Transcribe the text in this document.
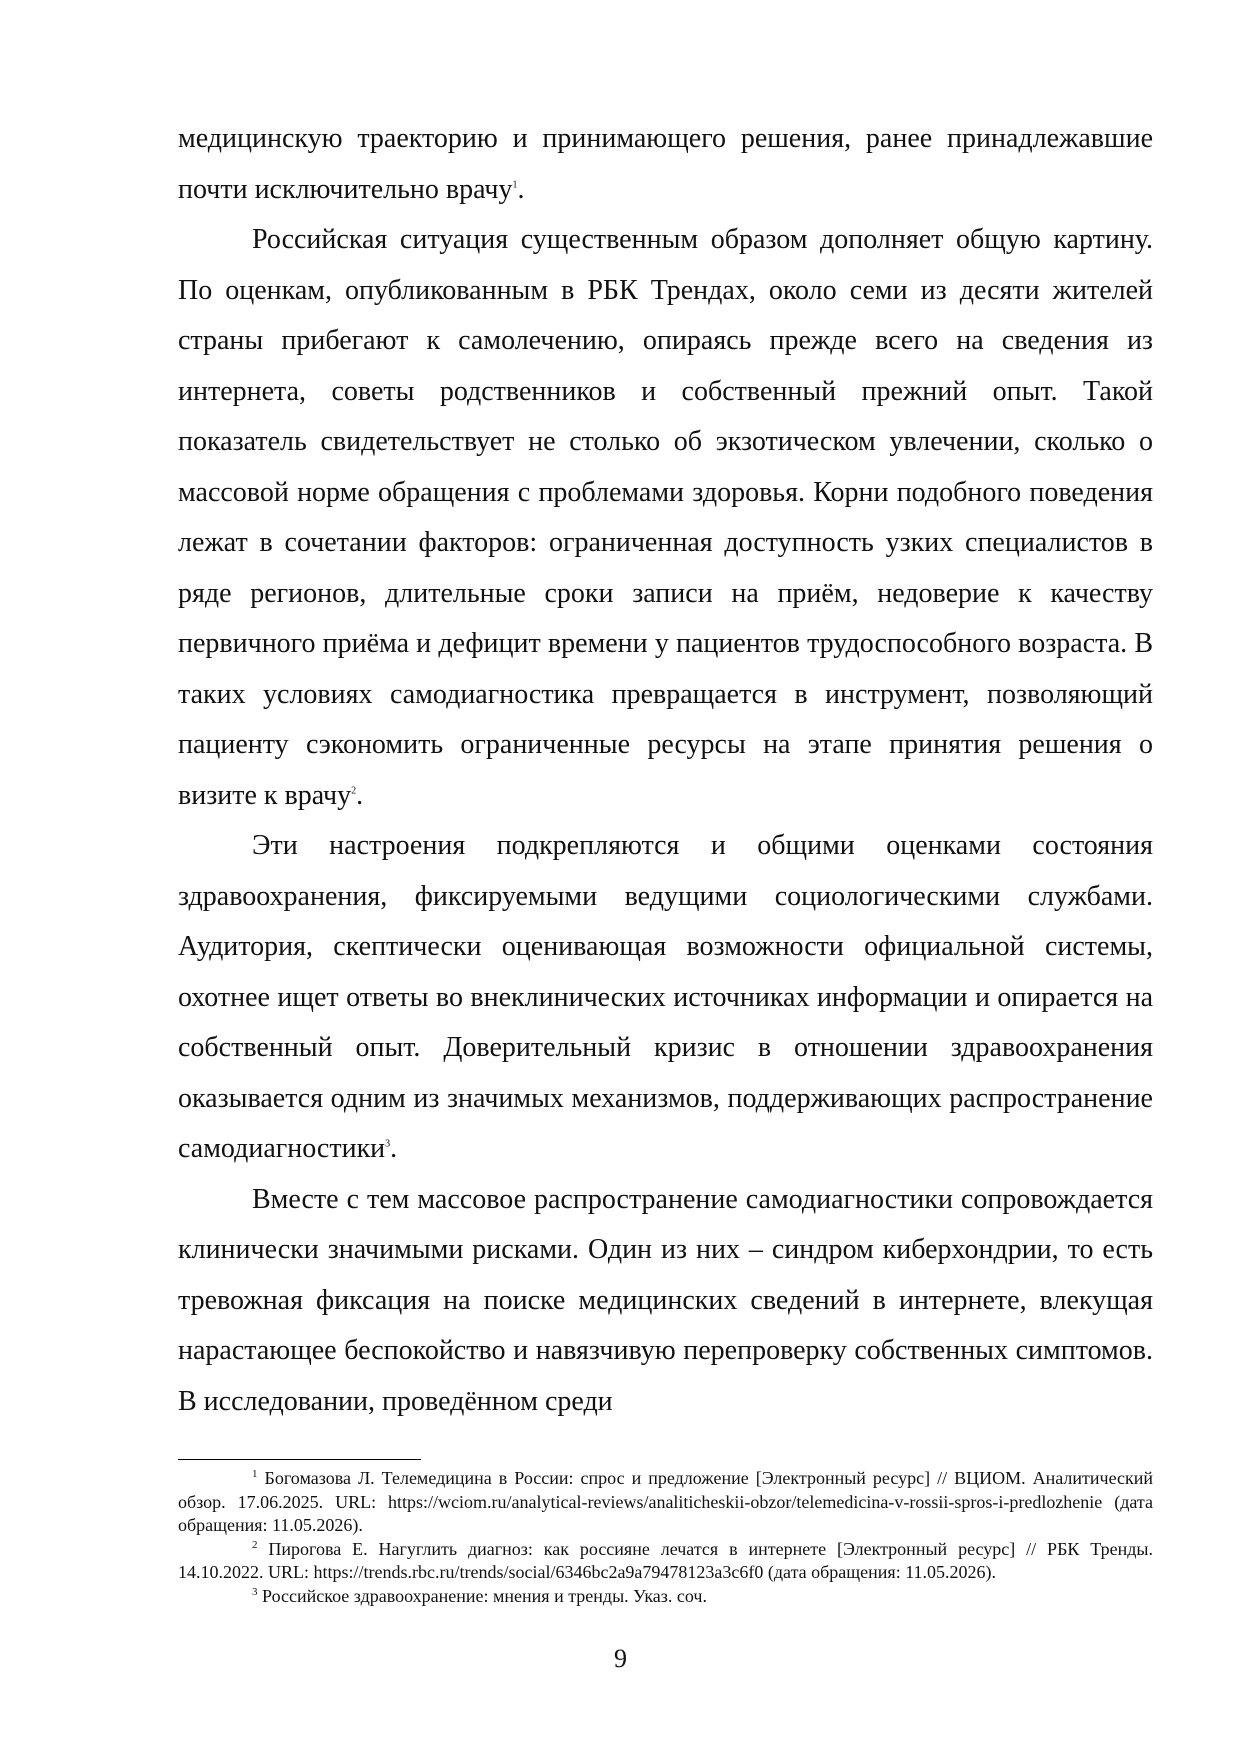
медицинскую траекторию и принимающего решения, ранее принадлежавшие почти исключительно врачу$^1$.

Российская ситуация существенным образом дополняет общую картину. По оценкам, опубликованным в РБК Трендах, около семи из десяти жителей страны прибегают к самолечению, опираясь прежде всего на сведения из интернета, советы родственников и собственный прежний опыт. Такой показатель свидетельствует не столько об экзотическом увлечении, сколько о массовой норме обращения с проблемами здоровья. Корни подобного поведения лежат в сочетании факторов: ограниченная доступность узких специалистов в ряде регионов, длительные сроки записи на приём, недоверие к качеству первичного приёма и дефицит времени у пациентов трудоспособного возраста. В таких условиях самодиагностика превращается в инструмент, позволяющий пациенту сэкономить ограниченные ресурсы на этапе принятия решения о визите к врачу$^2$.

Эти настроения подкрепляются и общими оценками состояния здравоохранения, фиксируемыми ведущими социологическими службами. Аудитория, скептически оценивающая возможности официальной системы, охотнее ищет ответы во внеклинических источниках информации и опирается на собственный опыт. Доверительный кризис в отношении здравоохранения оказывается одним из значимых механизмов, поддерживающих распространение самодиагностики$^3$.

Вместе с тем массовое распространение самодиагностики сопровождается клинически значимыми рисками. Один из них – синдром киберхондрии, то есть тревожная фиксация на поиске медицинских сведений в интернете, влекущая нарастающее беспокойство и навязчивую перепроверку собственных симптомов. В исследовании, проведённом среди

$^1$ Богомазова Л. Телемедицина в России: спрос и предложение [Электронный ресурс] // ВЦИОМ. Аналитический обзор. 17.06.2025. URL: https://wciom.ru/analytical-reviews/analiticheskii-obzor/telemedicina-v-rossii-spros-i-predlozhenie (дата обращения: 11.05.2026).

$^2$ Пирогова Е. Нагуглить диагноз: как россияне лечатся в интернете [Электронный ресурс] // РБК Тренды. 14.10.2022. URL: https://trends.rbc.ru/trends/social/6346bc2a9a79478123a3c6f0 (дата обращения: 11.05.2026).

$^3$ Российское здравоохранение: мнения и тренды. Указ. соч.

9
